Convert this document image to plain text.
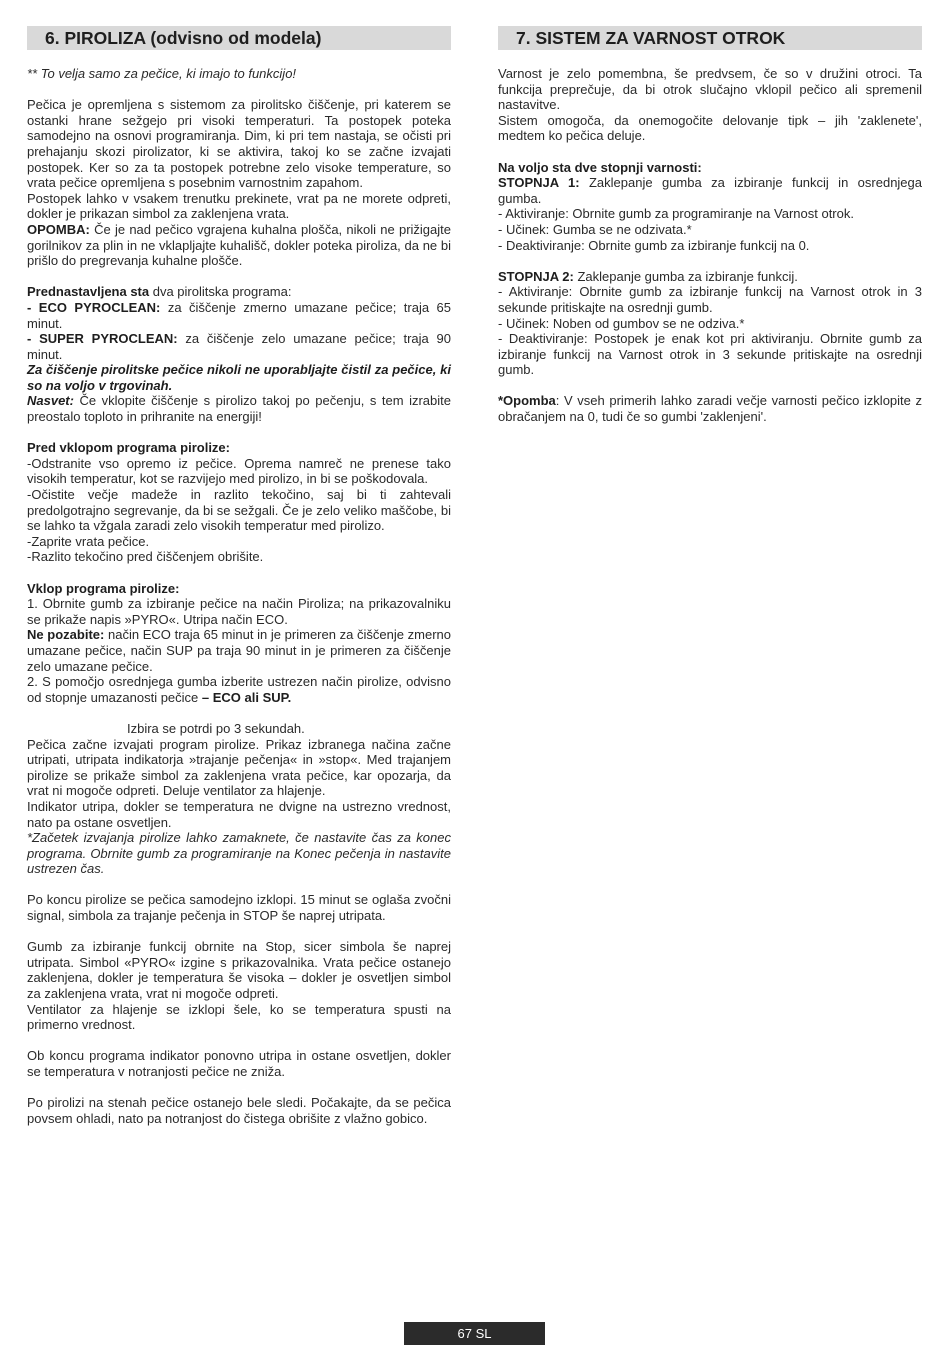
6. PIROLIZA (odvisno od modela)

** To velja samo za pečice, ki imajo to funkcijo!

Pečica je opremljena s sistemom za pirolitsko čiščenje, pri katerem se ostanki hrane sežgejo pri visoki temperaturi. Ta postopek poteka samodejno na osnovi programiranja. Dim, ki pri tem nastaja, se očisti pri prehajanju skozi pirolizator, ki se aktivira, takoj ko se začne izvajati postopek. Ker so za ta postopek potrebne zelo visoke temperature, so vrata pečice opremljena s posebnim varnostnim zapahom.

Postopek lahko v vsakem trenutku prekinete, vrat pa ne morete odpreti, dokler je prikazan simbol za zaklenjena vrata.

OPOMBA: Če je nad pečico vgrajena kuhalna plošča, nikoli ne prižigajte gorilnikov za plin in ne vklapljajte kuhališč, dokler poteka piroliza, da ne bi prišlo do pregrevanja kuhalne plošče.

Prednastavljena sta dva pirolitska programa:

- ECO PYROCLEAN: za čiščenje zmerno umazane pečice; traja 65 minut.

- SUPER PYROCLEAN: za čiščenje zelo umazane pečice; traja 90 minut.

Za čiščenje pirolitske pečice nikoli ne uporabljajte čistil za pečice, ki so na voljo v trgovinah.

Nasvet: Če vklopite čiščenje s pirolizo takoj po pečenju, s tem izrabite preostalo toploto in prihranite na energiji!

Pred vklopom programa pirolize:

-Odstranite vso opremo iz pečice. Oprema namreč ne prenese tako visokih temperatur, kot se razvijejo med pirolizo, in bi se poškodovala.

-Očistite večje madeže in razlito tekočino, saj bi ti zahtevali predolgotrajno segrevanje, da bi se sežgali. Če je zelo veliko maščobe, bi se lahko ta vžgala zaradi zelo visokih temperatur med pirolizo.

-Zaprite vrata pečice.

-Razlito tekočino pred čiščenjem obrišite.

Vklop programa pirolize:

1. Obrnite gumb za izbiranje pečice na način Piroliza; na prikazovalniku se prikaže napis »PYRO«. Utripa način ECO.

Ne pozabite: način ECO traja 65 minut in je primeren za čiščenje zmerno umazane pečice, način SUP pa traja 90 minut in je primeren za čiščenje zelo umazane pečice.

2. S pomočjo osrednjega gumba izberite ustrezen način pirolize, odvisno od stopnje umazanosti pečice – ECO ali SUP.

Izbira se potrdi po 3 sekundah.

Pečica začne izvajati program pirolize. Prikaz izbranega načina začne utripati, utripata indikatorja »trajanje pečenja« in »stop«. Med trajanjem pirolize se prikaže simbol za zaklenjena vrata pečice, kar opozarja, da vrat ni mogoče odpreti. Deluje ventilator za hlajenje.

Indikator utripa, dokler se temperatura ne dvigne na ustrezno vrednost, nato pa ostane osvetljen.

*Začetek izvajanja pirolize lahko zamaknete, če nastavite čas za konec programa. Obrnite gumb za programiranje na Konec pečenja in nastavite ustrezen čas.

Po koncu pirolize se pečica samodejno izklopi. 15 minut se oglaša zvočni signal, simbola za trajanje pečenja in STOP še naprej utripata.

Gumb za izbiranje funkcij obrnite na Stop, sicer simbola še naprej utripata. Simbol «PYRO« izgine s prikazovalnika. Vrata pečice ostanejo zaklenjena, dokler je temperatura še visoka – dokler je osvetljen simbol za zaklenjena vrata, vrat ni mogoče odpreti.

Ventilator za hlajenje se izklopi šele, ko se temperatura spusti na primerno vrednost.

Ob koncu programa indikator ponovno utripa in ostane osvetljen, dokler se temperatura v notranjosti pečice ne zniža.

Po pirolizi na stenah pečice ostanejo bele sledi. Počakajte, da se pečica povsem ohladi, nato pa notranjost do čistega obrišite z vlažno gobico.

7. SISTEM ZA VARNOST OTROK

Varnost je zelo pomembna, še predvsem, če so v družini otroci. Ta funkcija preprečuje, da bi otrok slučajno vklopil pečico ali spremenil nastavitve.

Sistem omogoča, da onemogočite delovanje tipk – jih 'zaklenete', medtem ko pečica deluje.

Na voljo sta dve stopnji varnosti:

STOPNJA 1: Zaklepanje gumba za izbiranje funkcij in osrednjega gumba.

- Aktiviranje: Obrnite gumb za programiranje na Varnost otrok.

- Učinek: Gumba se ne odzivata.*

- Deaktiviranje: Obrnite gumb za izbiranje funkcij na 0.

STOPNJA 2: Zaklepanje gumba za izbiranje funkcij.

- Aktiviranje: Obrnite gumb za izbiranje funkcij na Varnost otrok in 3 sekunde pritiskajte na osrednji gumb.

- Učinek: Noben od gumbov se ne odziva.*

- Deaktiviranje: Postopek je enak kot pri aktiviranju. Obrnite gumb za izbiranje funkcij na Varnost otrok in 3 sekunde pritiskajte na osrednji gumb.

*Opomba: V vseh primerih lahko zaradi večje varnosti pečico izklopite z obračanjem na 0, tudi če so gumbi 'zaklenjeni'.

67 SL
